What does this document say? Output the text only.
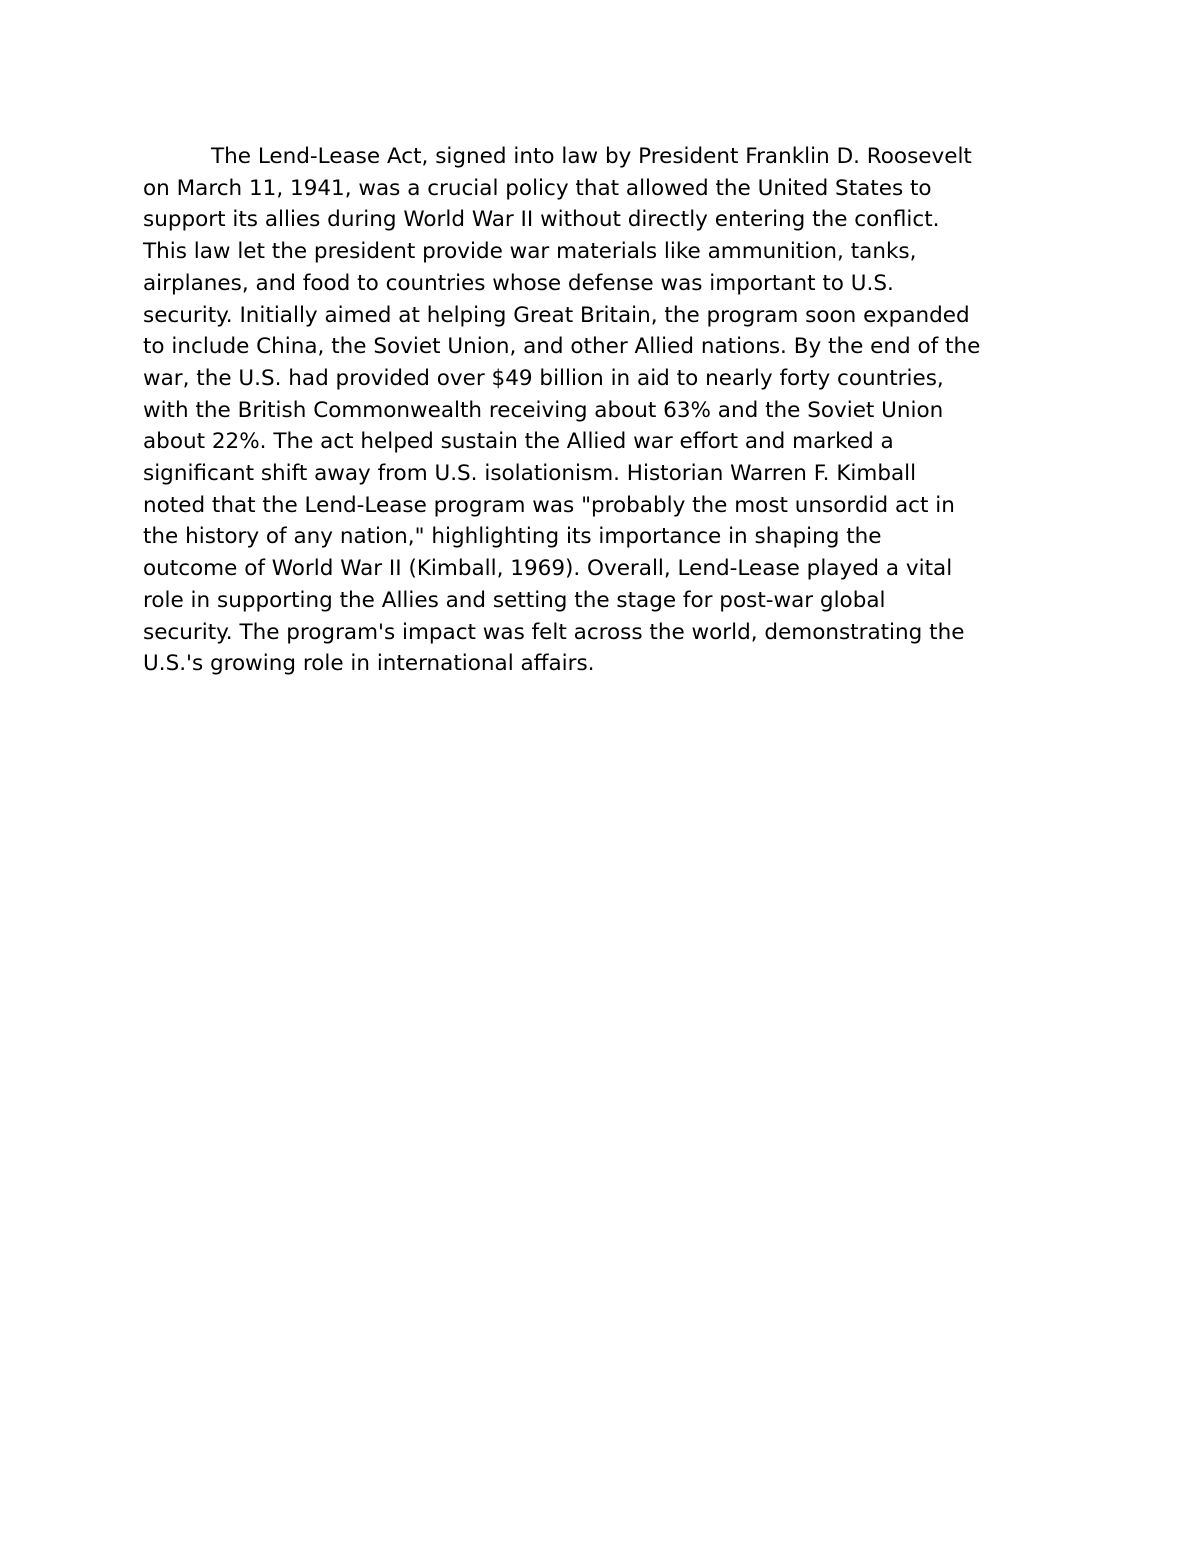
The Lend-Lease Act, signed into law by President Franklin D. Roosevelt
on March 11, 1941, was a crucial policy that allowed the United States to
support its allies during World War II without directly entering the conflict.
This law let the president provide war materials like ammunition, tanks,
airplanes, and food to countries whose defense was important to U.S.
security. Initially aimed at helping Great Britain, the program soon expanded
to include China, the Soviet Union, and other Allied nations. By the end of the
war, the U.S. had provided over $49 billion in aid to nearly forty countries,
with the British Commonwealth receiving about 63% and the Soviet Union
about 22%. The act helped sustain the Allied war effort and marked a
significant shift away from U.S. isolationism. Historian Warren F. Kimball
noted that the Lend-Lease program was "probably the most unsordid act in
the history of any nation," highlighting its importance in shaping the
outcome of World War II (Kimball, 1969). Overall, Lend-Lease played a vital
role in supporting the Allies and setting the stage for post-war global
security. The program's impact was felt across the world, demonstrating the
U.S.'s growing role in international affairs.
